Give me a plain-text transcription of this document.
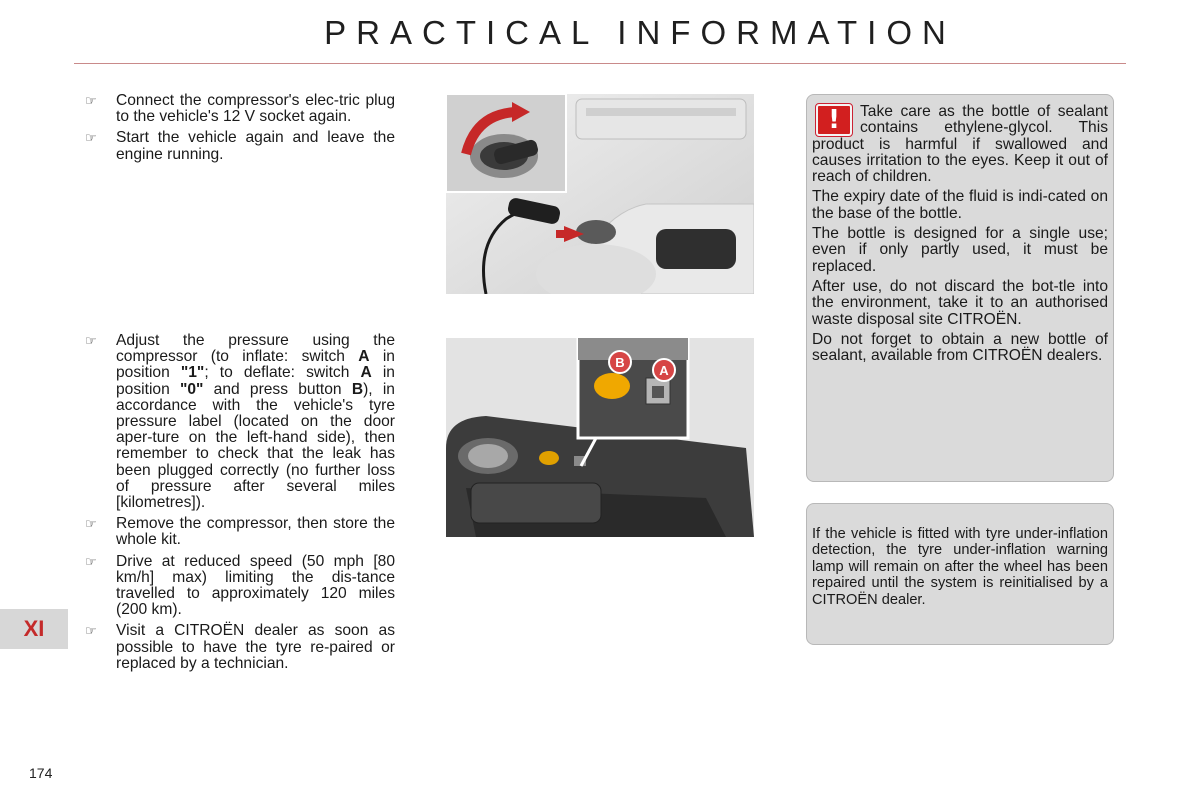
PRACTICAL INFORMATION
☞ Connect the compressor's elec-tric plug to the vehicle's 12 V socket again.
☞ Start the vehicle again and leave the engine running.
☞ Adjust the pressure using the compressor (to inflate: switch A in position "1"; to deflate: switch A in position "0" and press button B), in accordance with the vehicle's tyre pressure label (located on the door aper-ture on the left-hand side), then remember to check that the leak has been plugged correctly (no further loss of pressure after several miles [kilometres]).
☞ Remove the compressor, then store the whole kit.
☞ Drive at reduced speed (50 mph [80 km/h] max) limiting the dis-tance travelled to approximately 120 miles (200 km).
☞ Visit a CITROËN dealer as soon as possible to have the tyre re-paired or replaced by a technician.
B
A
!	Take care as the bottle of sealant contains ethylene-glycol. This product is harmful if swallowed and causes irritation to the eyes. Keep it out of reach of children.

The expiry date of the fluid is indi-cated on the base of the bottle.

The bottle is designed for a single use; even if only partly used, it must be replaced.

After use, do not discard the bot-tle into the environment, take it to an authorised waste disposal site CITROËN.

Do not forget to obtain a new bottle of sealant, available from CITROËN dealers.

If the vehicle is fitted with tyre under-inflation detection, the tyre under-inflation warning lamp will remain on after the wheel has been repaired until the system is reinitialised by a CITROËN dealer.

XI
174
